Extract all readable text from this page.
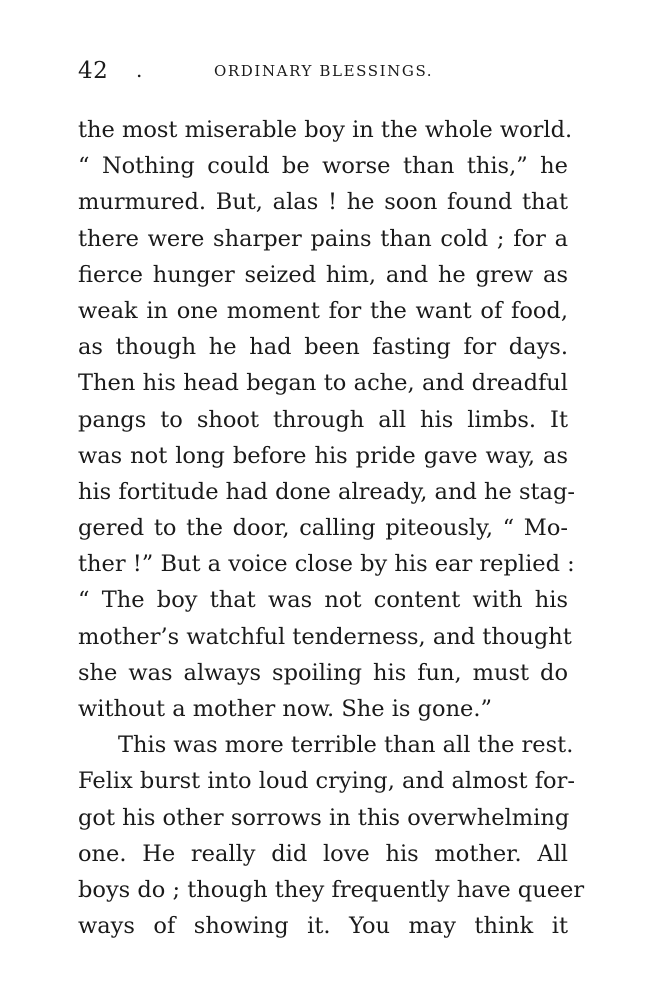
42 .	ORDINARY BLESSINGS.
the most miserable boy in the whole world.
“ Nothing could be worse than this,” he
murmured. But, alas ! he soon found that
there were sharper pains than cold ; for a
fierce hunger seized him, and he grew as
weak in one moment for the want of food,
as though he had been fasting for days.
Then his head began to ache, and dreadful
pangs to shoot through all his limbs. It
was not long before his pride gave way, as
his fortitude had done already, and he stag-
gered to the door, calling piteously, “ Mo-
ther !” But a voice close by his ear replied :
“ The boy that was not content with his
mother’s watchful tenderness, and thought
she was always spoiling his fun, must do
without a mother now. She is gone.”
This was more terrible than all the rest.
Felix burst into loud crying, and almost for-
got his other sorrows in this overwhelming
one. He really did love his mother. All
boys do ; though they frequently have queer
ways of showing it. You may think it
